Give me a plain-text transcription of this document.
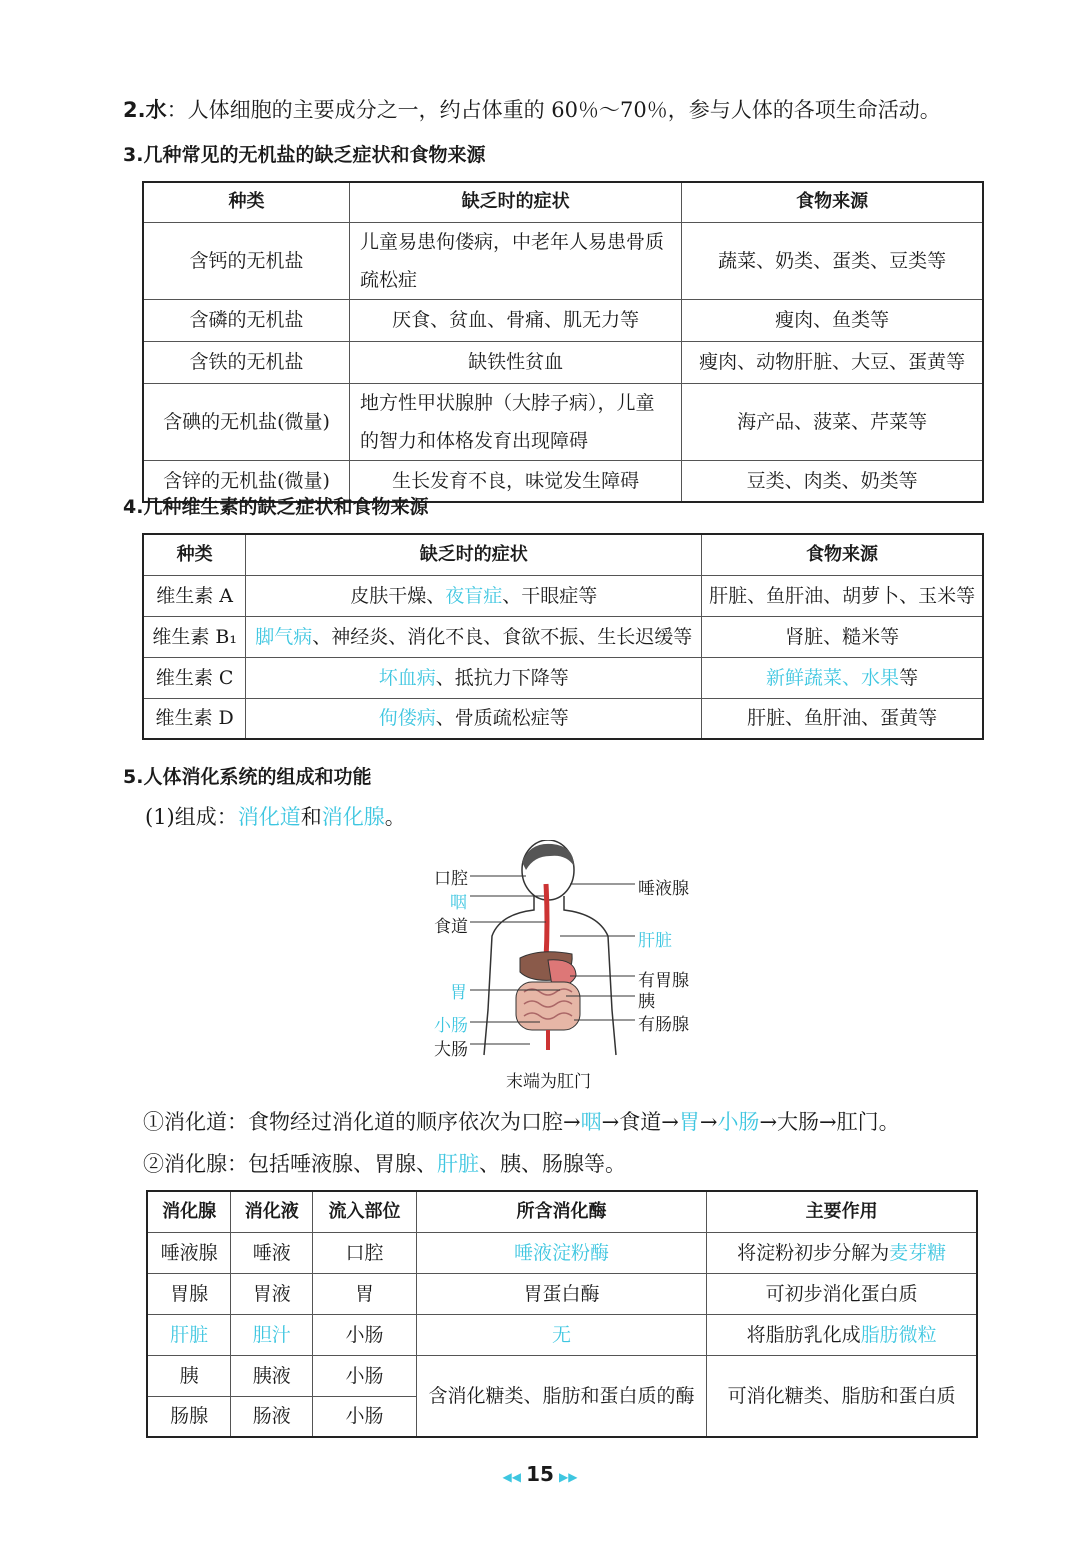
2.水：人体细胞的主要成分之一，约占体重的 60％～70％，参与人体的各项生命活动。
3.几种常见的无机盐的缺乏症状和食物来源
种类	缺乏时的症状	食物来源
含钙的无机盐	儿童易患佝偻病，中老年人易患骨质疏松症	蔬菜、奶类、蛋类、豆类等
含磷的无机盐	厌食、贫血、骨痛、肌无力等	瘦肉、鱼类等
含铁的无机盐	缺铁性贫血	瘦肉、动物肝脏、大豆、蛋黄等
含碘的无机盐(微量)	地方性甲状腺肿（大脖子病），儿童的智力和体格发育出现障碍	海产品、菠菜、芹菜等
含锌的无机盐(微量)	生长发育不良，味觉发生障碍	豆类、肉类、奶类等
4.几种维生素的缺乏症状和食物来源
种类	缺乏时的症状	食物来源
维生素 A	皮肤干燥、夜盲症、干眼症等	肝脏、鱼肝油、胡萝卜、玉米等
维生素 B₁	脚气病、神经炎、消化不良、食欲不振、生长迟缓等	肾脏、糙米等
维生素 C	坏血病、抵抗力下降等	新鲜蔬菜、水果等
维生素 D	佝偻病、骨质疏松症等	肝脏、鱼肝油、蛋黄等
5.人体消化系统的组成和功能
(1)组成：消化道和消化腺。
口腔
咽
食道
胃
小肠
大肠
唾液腺
肝脏
有胃腺
胰
有肠腺
末端为肛门
①消化道：食物经过消化道的顺序依次为口腔→咽→食道→胃→小肠→大肠→肛门。
②消化腺：包括唾液腺、胃腺、肝脏、胰、肠腺等。
消化腺	消化液	流入部位	所含消化酶	主要作用
唾液腺	唾液	口腔	唾液淀粉酶	将淀粉初步分解为麦芽糖
胃腺	胃液	胃	胃蛋白酶	可初步消化蛋白质
肝脏	胆汁	小肠	无	将脂肪乳化成脂肪微粒
胰	胰液	小肠	含消化糖类、脂肪和蛋白质的酶	可消化糖类、脂肪和蛋白质
肠腺	肠液	小肠		
◀◀ 15 ▶▶
